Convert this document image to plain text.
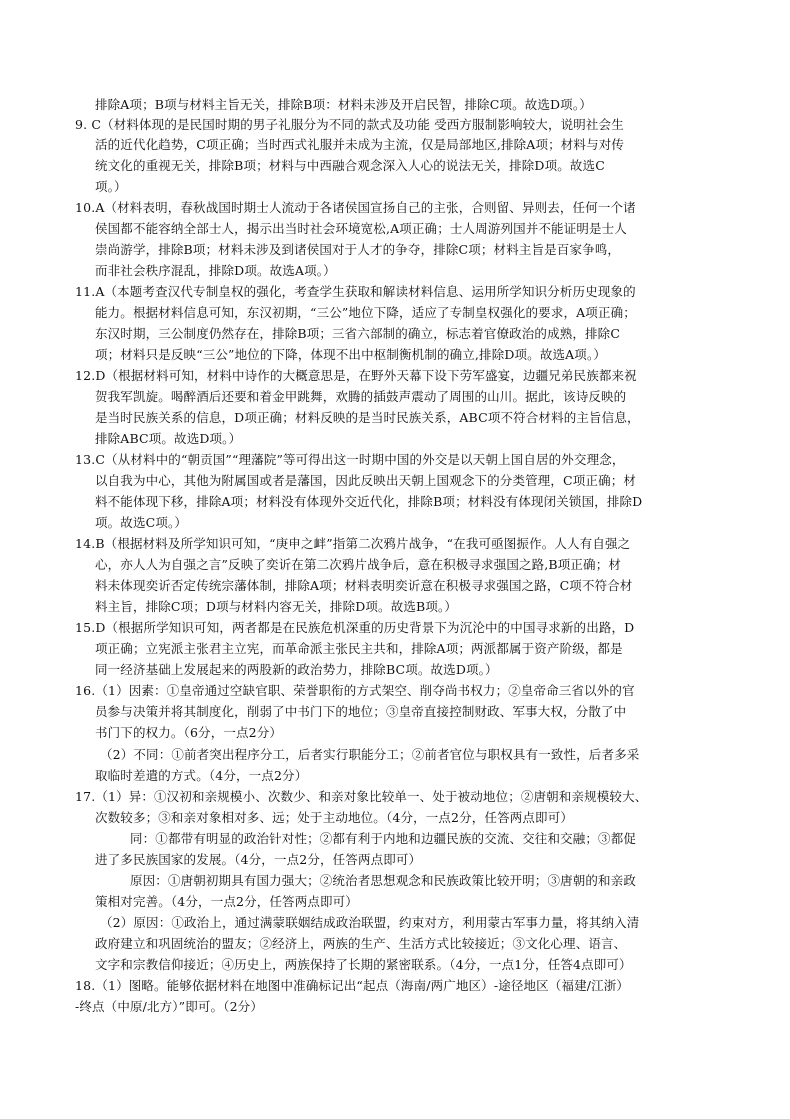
排除A项；B项与材料主旨无关，排除B项：材料未涉及开启民智，排除C项。故选D项。）
9. C（材料体现的是民国时期的男子礼服分为不同的款式及功能 受西方服制影响较大，说明社会生
活的近代化趋势，C项正确；当时西式礼服并未成为主流，仅是局部地区,排除A项；材料与对传
统文化的重视无关，排除B项；材料与中西融合观念深入人心的说法无关，排除D项。故选C
项。）
10.A（材料表明，春秋战国时期士人流动于各诸侯国宣扬自己的主张，合则留、异则去，任何一个诸
侯国都不能容纳全部士人，揭示出当时社会环境宽松,A项正确；士人周游列国并不能证明是士人
崇尚游学，排除B项；材料未涉及到诸侯国对于人才的争夺，排除C项；材料主旨是百家争鸣，
而非社会秩序混乱，排除D项。故选A项。）
11.A（本题考查汉代专制皇权的强化，考查学生获取和解读材料信息、运用所学知识分析历史现象的
能力。根据材料信息可知，东汉初期，“三公”地位下降，适应了专制皇权强化的要求，A项正确；
东汉时期，三公制度仍然存在，排除B项；三省六部制的确立，标志着官僚政治的成熟，排除C
项；材料只是反映“三公”地位的下降，体现不出中枢制衡机制的确立,排除D项。故选A项。）
12.D（根据材料可知，材料中诗作的大概意思是，在野外天幕下设下劳军盛宴，边疆兄弟民族都来祝
贺我军凯旋。喝醉酒后还要和着金甲跳舞，欢腾的插鼓声震动了周围的山川。据此，该诗反映的
是当时民族关系的信息，D项正确；材料反映的是当时民族关系，ABC项不符合材料的主旨信息，
排除ABC项。故选D项。）
13.C（从材料中的“朝贡国”“理藩院”等可得出这一时期中国的外交是以天朝上国自居的外交理念，
以自我为中心，其他为附属国或者是藩国，因此反映出天朝上国观念下的分类管理，C项正确；材
料不能体现下移，排除A项；材料没有体现外交近代化，排除B项；材料没有体现闭关锁国，排除D
项。故选C项。）
14.B（根据材料及所学知识可知，“庚申之衅”指第二次鸦片战争，“在我可亟图振作。人人有自强之
心，亦人人为自强之言”反映了奕䜣在第二次鸦片战争后，意在积极寻求强国之路,B项正确；材
料未体现奕䜣否定传统宗藩体制，排除A项；材料表明奕䜣意在积极寻求强国之路，C项不符合材
料主旨，排除C项；D项与材料内容无关，排除D项。故选B项。）
15.D（根据所学知识可知，两者都是在民族危机深重的历史背景下为沉沦中的中国寻求新的出路，D
项正确；立宪派主张君主立宪，而革命派主张民主共和，排除A项；两派都属于资产阶级，都是
同一经济基础上发展起来的两股新的政治势力，排除BC项。故选D项。）
16.（1）因素：①皇帝通过空缺官职、荣誉职衔的方式架空、削夺尚书权力；②皇帝命三省以外的官
员参与决策并将其制度化，削弱了中书门下的地位；③皇帝直接控制财政、军事大权，分散了中
书门下的权力。（6分，一点2分）
（2）不同：①前者突出程序分工，后者实行职能分工；②前者官位与职权具有一致性，后者多采
取临时差遣的方式。（4分，一点2分）
17.（1）异：①汉初和亲规模小、次数少、和亲对象比较单一、处于被动地位；②唐朝和亲规模较大、
次数较多；③和亲对象相对多、远；处于主动地位。（4分，一点2分，任答两点即可）
同：①都带有明显的政治针对性；②都有利于内地和边疆民族的交流、交往和交融；③都促
进了多民族国家的发展。（4分，一点2分，任答两点即可）
原因：①唐朝初期具有国力强大；②统治者思想观念和民族政策比较开明；③唐朝的和亲政
策相对完善。（4分，一点2分，任答两点即可）
（2）原因：①政治上，通过满蒙联姻结成政治联盟，约束对方，利用蒙古军事力量，将其纳入清
政府建立和巩固统治的盟友；②经济上，两族的生产、生活方式比较接近；③文化心理、语言、
文字和宗教信仰接近；④历史上，两族保持了长期的紧密联系。（4分，一点1分，任答4点即可）
18.（1）图略。能够依据材料在地图中准确标记出“起点（海南/两广地区）-途径地区（福建/江浙）
-终点（中原/北方）”即可。（2分）
